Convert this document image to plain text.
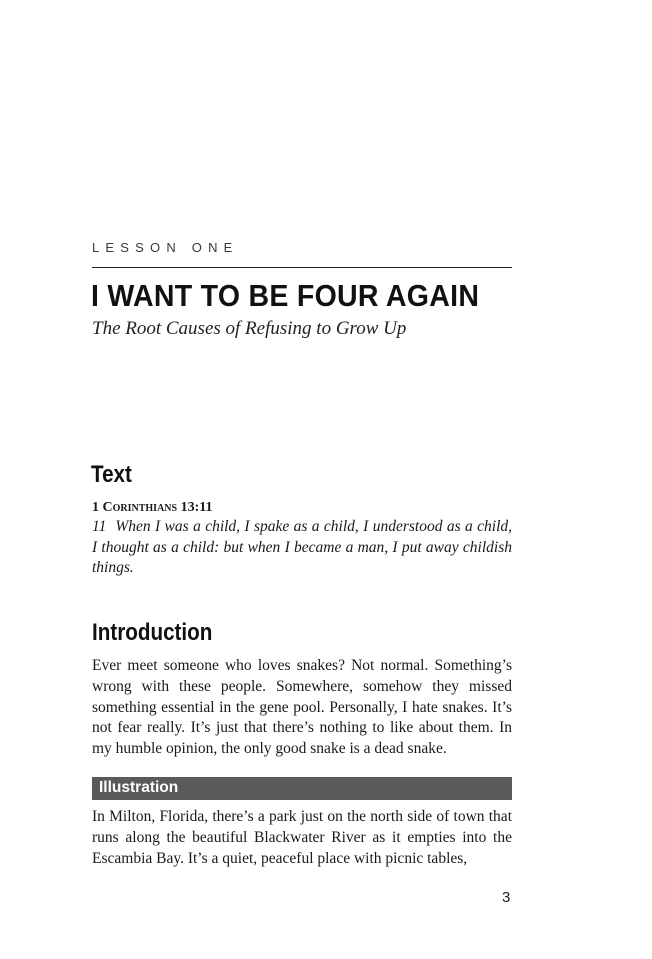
LESSON ONE
I WANT TO BE FOUR AGAIN
The Root Causes of Refusing to Grow Up
Text
1 Corinthians 13:11

11 When I was a child, I spake as a child, I understood as a child, I thought as a child: but when I became a man, I put away childish things.

Introduction

Ever meet someone who loves snakes? Not normal. Something’s wrong with these people. Somewhere, somehow they missed something essential in the gene pool. Personally, I hate snakes. It’s not fear really. It’s just that there’s nothing to like about them. In my humble opinion, the only good snake is a dead snake.

Illustration

In Milton, Florida, there’s a park just on the north side of town that runs along the beautiful Blackwater River as it empties into the Escambia Bay. It’s a quiet, peaceful place with picnic tables,

3
